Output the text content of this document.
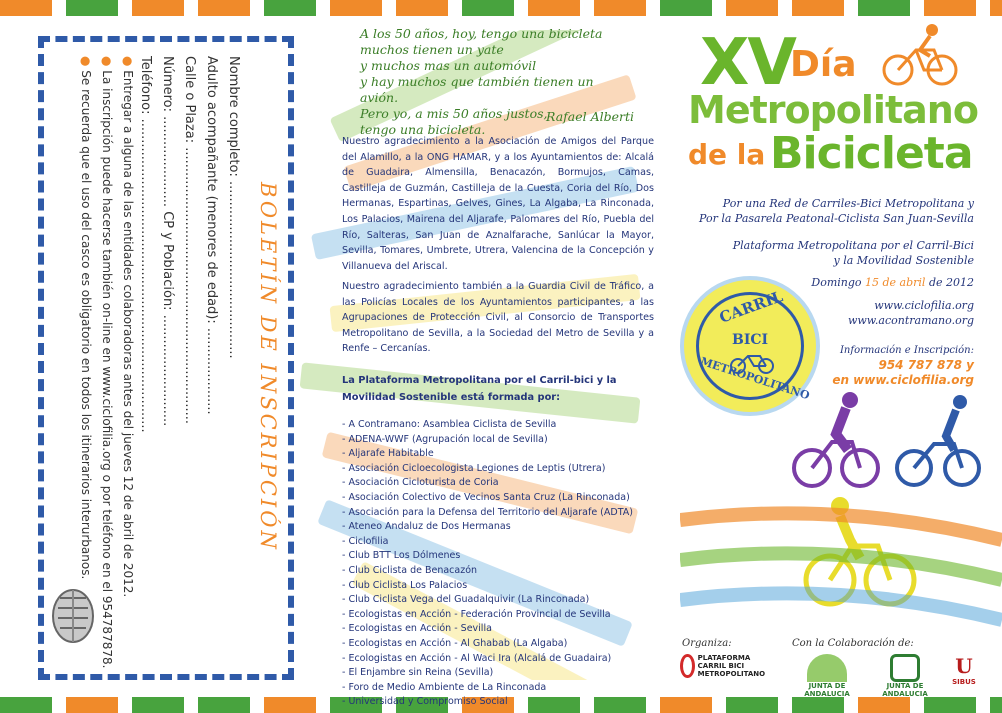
BOLETÍN DE INSCRIPCIÓN
Nombre completo: ...........................................
Adulto acompañante (menores de edad): .....................
Calle o Plaza: ...................................................................
Número: ...................... CP y Población: ...........................
Teléfono: ............................................................................
● Entregar a alguna de las entidades colaboradoras antes del jueves 12 de abril de 2012.
● La inscripción puede hacerse también on-line en www.ciclofilia.org o por teléfono en el 954787878.
● Se recuerda que el uso del casco es obligatorio en todos los itinerarios interurbanos.
A los 50 años, hoy, tengo una bicicleta
muchos tienen un yate
y muchos mas un automóvil
y hay muchos que también tienen un avión.
Pero yo, a mis 50 años justos,
tengo una bicicleta.
Rafael Alberti
Nuestro agradecimiento a la Asociación de Amigos del Parque del Alamillo, a la ONG HAMAR, y a los Ayuntamientos de: Alcalá de Guadaira, Almensilla, Benacazón, Bormujos, Camas, Castilleja de Guzmán, Castilleja de la Cuesta, Coria del Río, Dos Hermanas, Espartinas, Gelves, Gines, La Algaba, La Rinconada, Los Palacios, Mairena del Aljarafe, Palomares del Río, Puebla del Río, Salteras, San Juan de Aznalfarache, Sanlúcar la Mayor, Sevilla, Tomares, Umbrete, Utrera, Valencina de la Concepción y Villanueva del Ariscal.
Nuestro agradecimiento también a la Guardia Civil de Tráfico, a las Policías Locales de los Ayuntamientos participantes, a las Agrupaciones de Protección Civil, al Consorcio de Transportes Metropolitano de Sevilla, a la Sociedad del Metro de Sevilla y a Renfe – Cercanías.
La Plataforma Metropolitana por el Carril-bici y la Movilidad Sostenible está formada por:
- A Contramano: Asamblea Ciclista de Sevilla
- ADENA-WWF (Agrupación local de Sevilla)
- Aljarafe Habitable
- Asociación Cicloecologista Legiones de Leptis (Utrera)
- Asociación Cicloturista de Coria
- Asociación Colectivo de Vecinos Santa Cruz (La Rinconada)
- Asociación para la Defensa del Territorio del Aljarafe (ADTA)
- Ateneo Andaluz de Dos Hermanas
- Ciclofilia
- Club BTT Los Dólmenes
- Club Ciclista de Benacazón
- Club Ciclista Los Palacios
- Club Ciclista Vega del Guadalquivir (La Rinconada)
- Ecologistas en Acción - Federación Provincial de Sevilla
- Ecologistas en Acción - Sevilla
- Ecologistas en Acción - Al Ghabab (La Algaba)
- Ecologistas en Acción - Al Waci Ira (Alcalá de Guadaira)
- El Enjambre sin Reina (Sevilla)
- Foro de Medio Ambiente de La Rinconada
- Universidad y Compromiso Social
XV
Día
Metropolitano
de la Bicicleta
Por una Red de Carriles-Bici Metropolitana y
Por la Pasarela Peatonal-Ciclista San Juan-Sevilla
Plataforma Metropolitana por el Carril-Bici
y la Movilidad Sostenible
Domingo 15 de abril de 2012
www.ciclofilia.org
www.acontramano.org
Información e Inscripción:
954 787 878 y
en www.ciclofilia.org
CARRIL
BICI
METROPOLITANO
Organiza:	Con la Colaboración de:
PLATAFORMA CARRIL BICI METROPOLITANO
JUNTA DE ANDALUCIA
JUNTA DE ANDALUCIA
U
SIBUS
